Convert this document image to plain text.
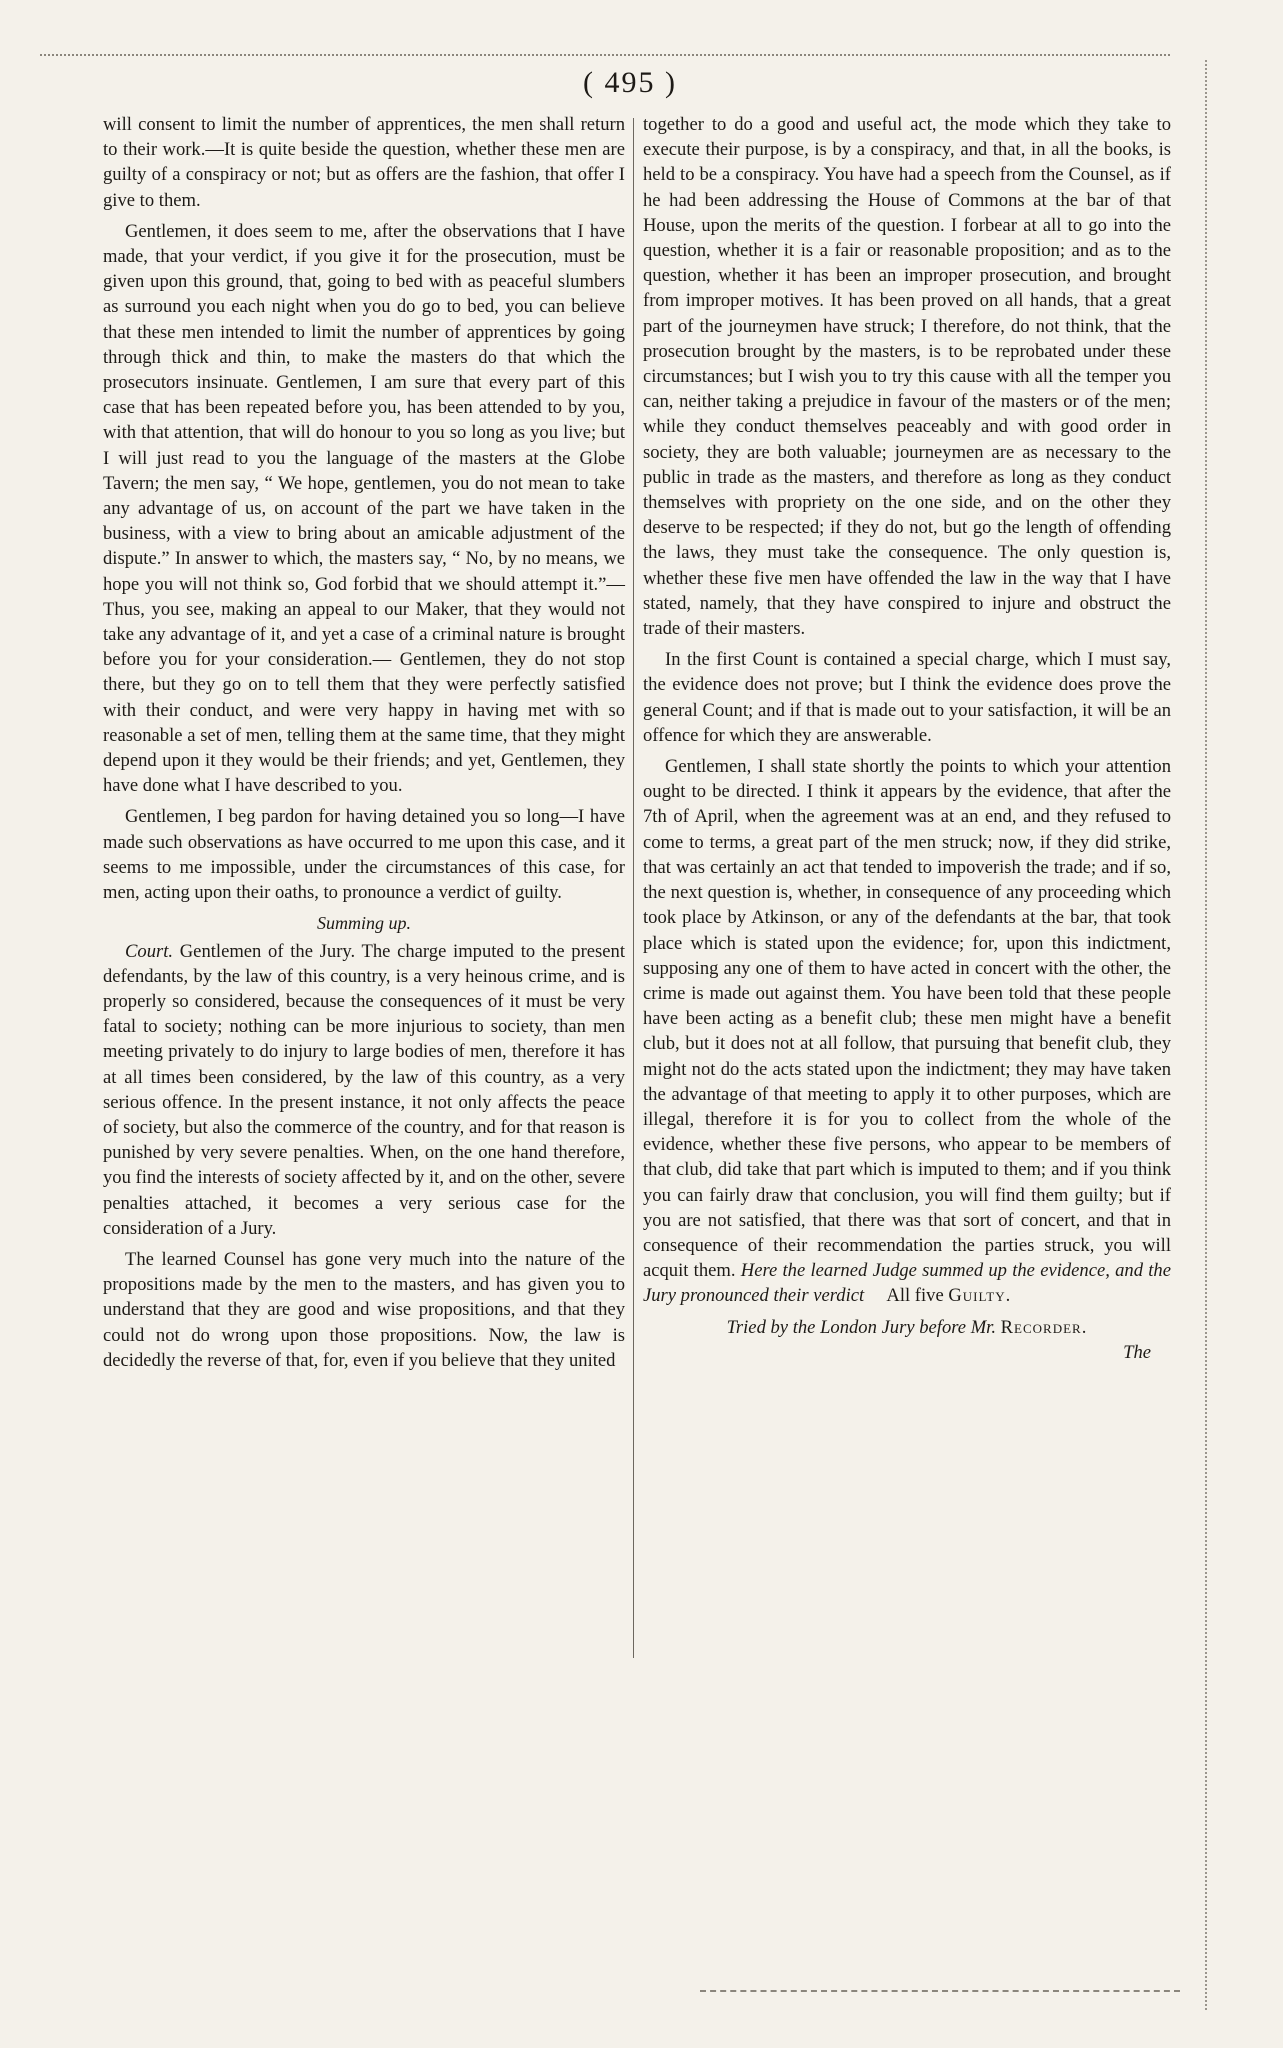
( 495 )

will consent to limit the number of apprentices, the men shall return to their work.—It is quite beside the question, whether these men are guilty of a conspiracy or not; but as offers are the fashion, that offer I give to them.

Gentlemen, it does seem to me, after the observations that I have made, that your verdict, if you give it for the prosecution, must be given upon this ground, that, going to bed with as peaceful slumbers as surround you each night when you do go to bed, you can believe that these men intended to limit the number of apprentices by going through thick and thin, to make the masters do that which the prosecutors insinuate. Gentlemen, I am sure that every part of this case that has been repeated before you, has been attended to by you, with that attention, that will do honour to you so long as you live; but I will just read to you the language of the masters at the Globe Tavern; the men say, “ We hope, gentlemen, you do not mean to take any advantage of us, on account of the part we have taken in the business, with a view to bring about an amicable adjustment of the dispute.” In answer to which, the masters say, “ No, by no means, we hope you will not think so, God forbid that we should attempt it.”— Thus, you see, making an appeal to our Maker, that they would not take any advantage of it, and yet a case of a criminal nature is brought before you for your consideration.— Gentlemen, they do not stop there, but they go on to tell them that they were perfectly satisfied with their conduct, and were very happy in having met with so reasonable a set of men, telling them at the same time, that they might depend upon it they would be their friends; and yet, Gentlemen, they have done what I have described to you.

Gentlemen, I beg pardon for having detained you so long—I have made such observations as have occurred to me upon this case, and it seems to me impossible, under the circumstances of this case, for men, acting upon their oaths, to pronounce a verdict of guilty.

Summing up.

Court. Gentlemen of the Jury. The charge imputed to the present defendants, by the law of this country, is a very heinous crime, and is properly so considered, because the consequences of it must be very fatal to society; nothing can be more injurious to society, than men meeting privately to do injury to large bodies of men, therefore it has at all times been considered, by the law of this country, as a very serious offence. In the present instance, it not only affects the peace of society, but also the commerce of the country, and for that reason is punished by very severe penalties. When, on the one hand therefore, you find the interests of society affected by it, and on the other, severe penalties attached, it becomes a very serious case for the consideration of a Jury.

The learned Counsel has gone very much into the nature of the propositions made by the men to the masters, and has given you to understand that they are good and wise propositions, and that they could not do wrong upon those propositions. Now, the law is decidedly the reverse of that, for, even if you believe that they united

together to do a good and useful act, the mode which they take to execute their purpose, is by a conspiracy, and that, in all the books, is held to be a conspiracy. You have had a speech from the Counsel, as if he had been addressing the House of Commons at the bar of that House, upon the merits of the question. I forbear at all to go into the question, whether it is a fair or reasonable proposition; and as to the question, whether it has been an improper prosecution, and brought from improper motives. It has been proved on all hands, that a great part of the journeymen have struck; I therefore, do not think, that the prosecution brought by the masters, is to be reprobated under these circumstances; but I wish you to try this cause with all the temper you can, neither taking a prejudice in favour of the masters or of the men; while they conduct themselves peaceably and with good order in society, they are both valuable; journeymen are as necessary to the public in trade as the masters, and therefore as long as they conduct themselves with propriety on the one side, and on the other they deserve to be respected; if they do not, but go the length of offending the laws, they must take the consequence. The only question is, whether these five men have offended the law in the way that I have stated, namely, that they have conspired to injure and obstruct the trade of their masters.

In the first Count is contained a special charge, which I must say, the evidence does not prove; but I think the evidence does prove the general Count; and if that is made out to your satisfaction, it will be an offence for which they are answerable.

Gentlemen, I shall state shortly the points to which your attention ought to be directed. I think it appears by the evidence, that after the 7th of April, when the agreement was at an end, and they refused to come to terms, a great part of the men struck; now, if they did strike, that was certainly an act that tended to impoverish the trade; and if so, the next question is, whether, in consequence of any proceeding which took place by Atkinson, or any of the defendants at the bar, that took place which is stated upon the evidence; for, upon this indictment, supposing any one of them to have acted in concert with the other, the crime is made out against them. You have been told that these people have been acting as a benefit club; these men might have a benefit club, but it does not at all follow, that pursuing that benefit club, they might not do the acts stated upon the indictment; they may have taken the advantage of that meeting to apply it to other purposes, which are illegal, therefore it is for you to collect from the whole of the evidence, whether these five persons, who appear to be members of that club, did take that part which is imputed to them; and if you think you can fairly draw that conclusion, you will find them guilty; but if you are not satisfied, that there was that sort of concert, and that in consequence of their recommendation the parties struck, you will acquit them. Here the learned Judge summed up the evidence, and the Jury pronounced their verdict All five Guilty.

Tried by the London Jury before Mr. Recorder.
The
